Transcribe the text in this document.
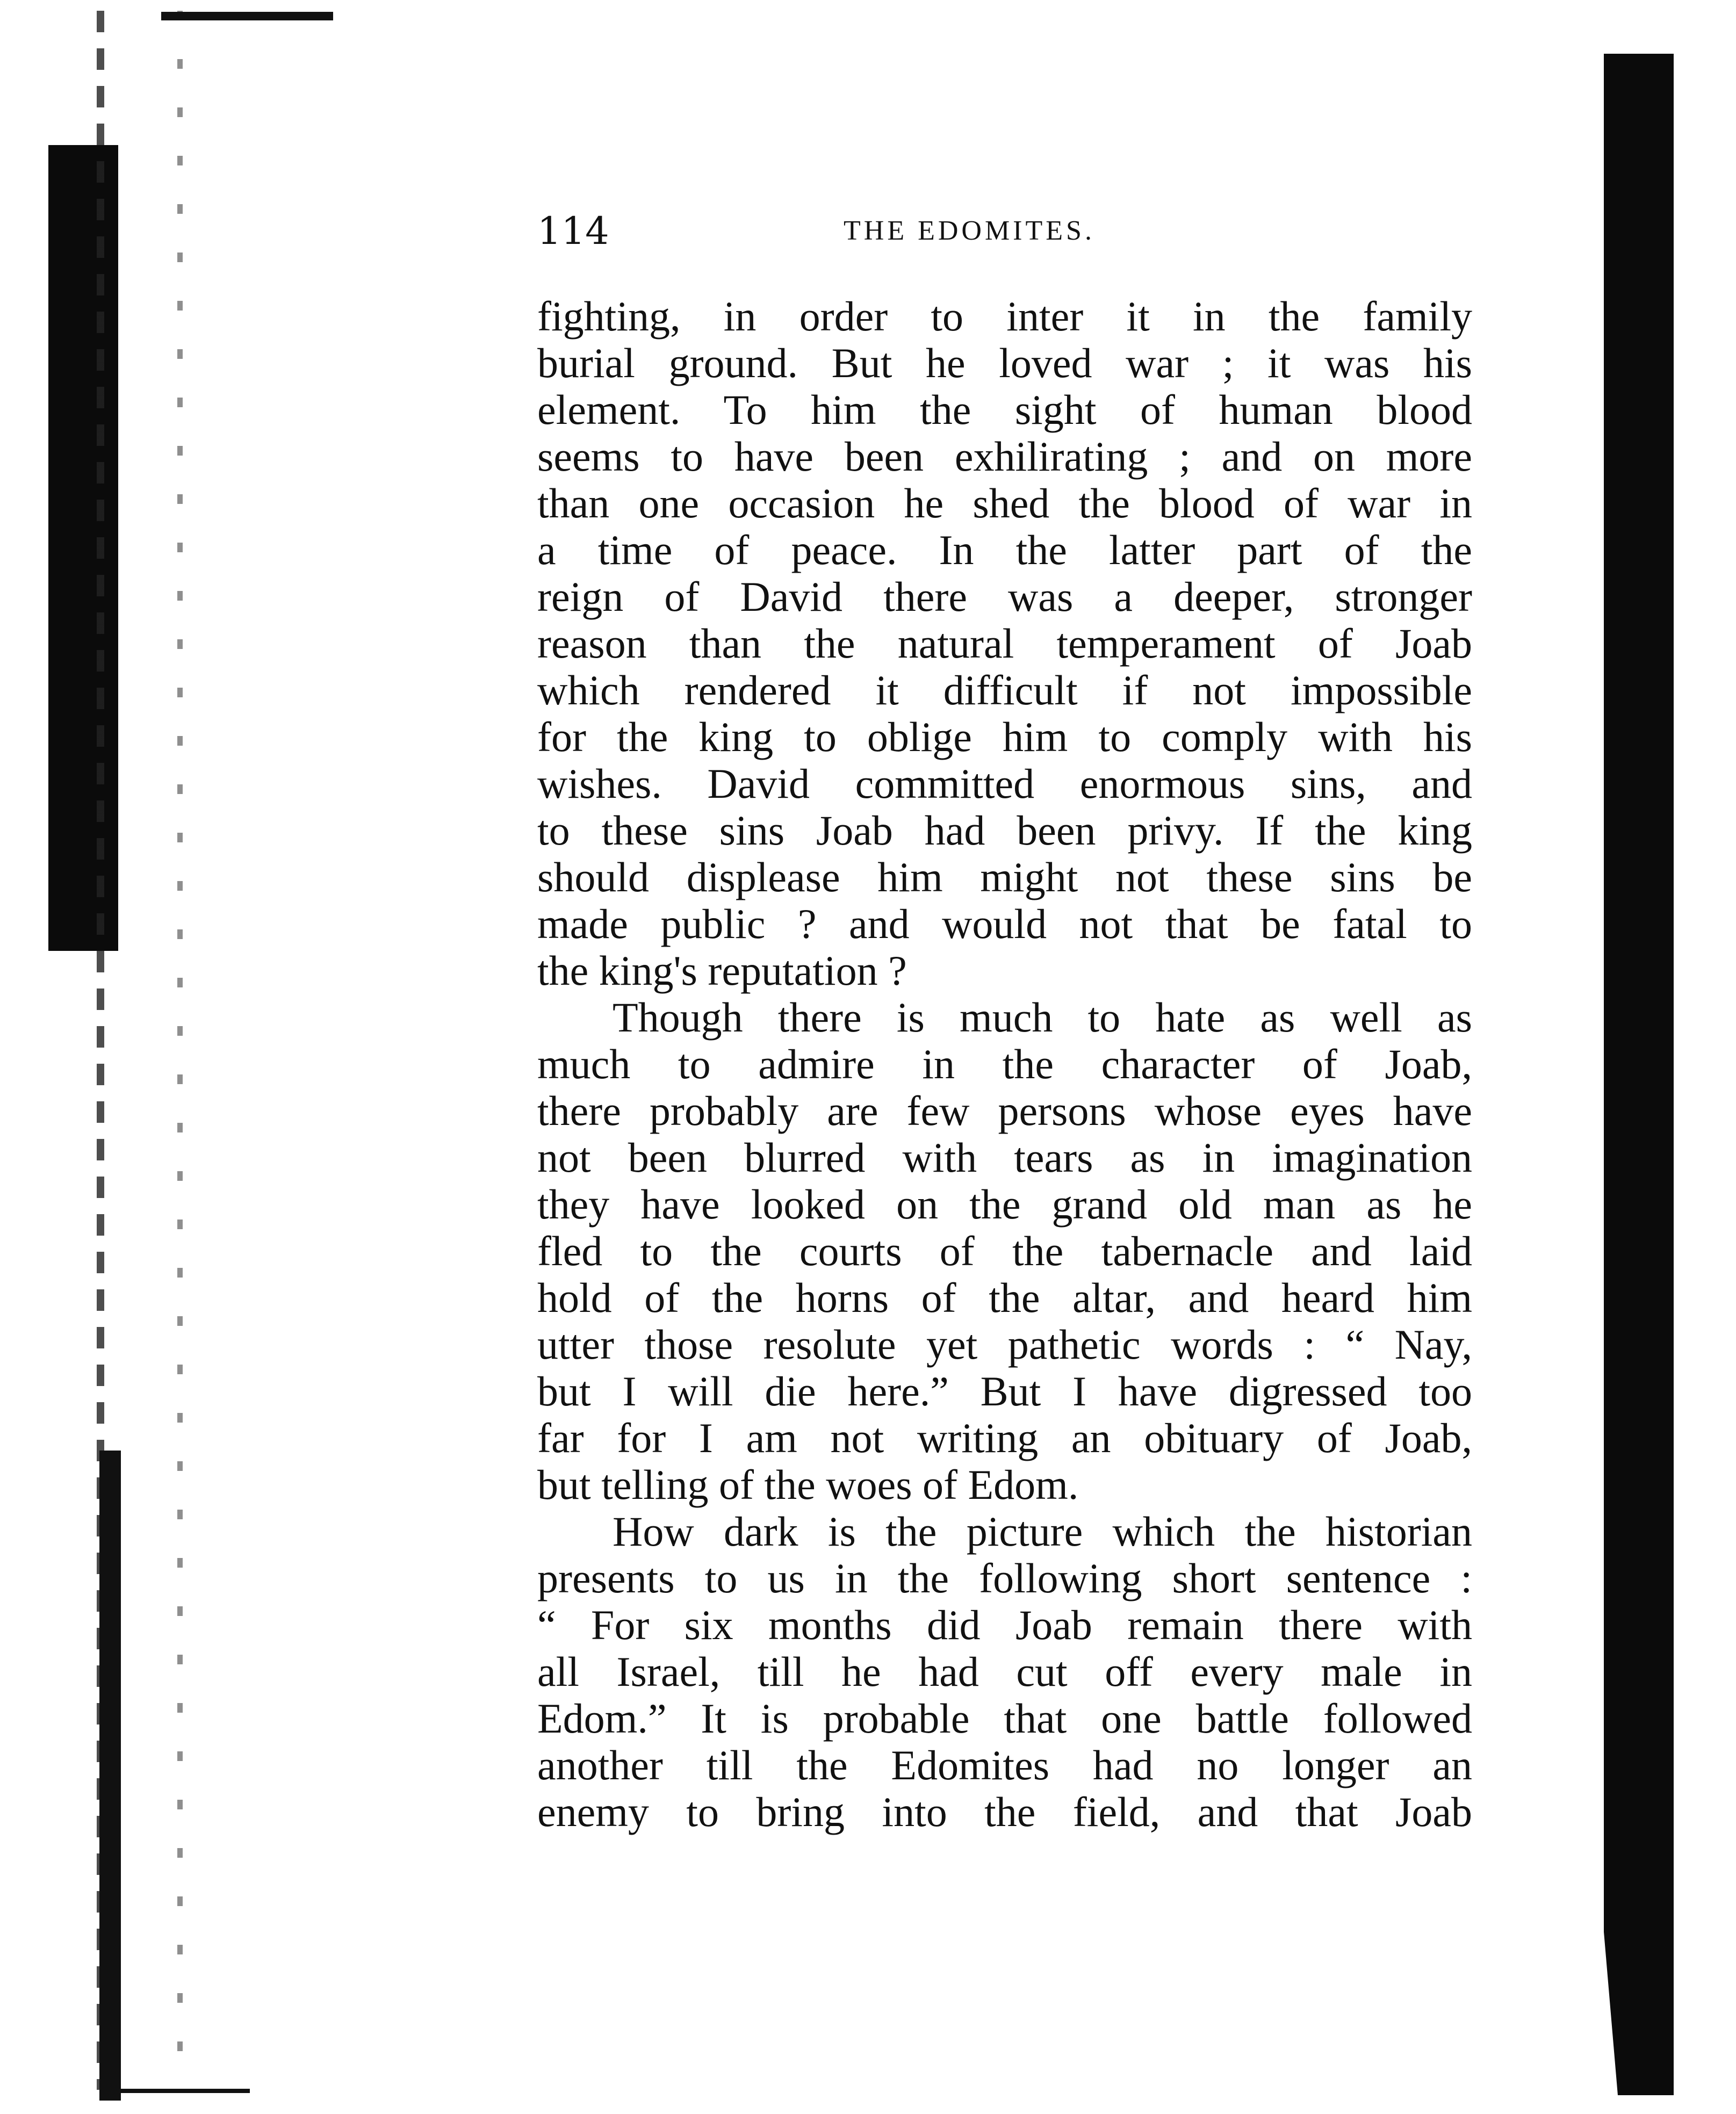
114	THE EDOMITES.
fighting, in order to inter it in the family
burial ground. But he loved war ; it was his
element. To him the sight of human blood
seems to have been exhilirating ; and on more
than one occasion he shed the blood of war in
a time of peace. In the latter part of the
reign of David there was a deeper, stronger
reason than the natural temperament of Joab
which rendered it difficult if not impossible
for the king to oblige him to comply with his
wishes. David committed enormous sins, and
to these sins Joab had been privy. If the king
should displease him might not these sins be
made public ? and would not that be fatal to
the king's reputation ?
Though there is much to hate as well as
much to admire in the character of Joab,
there probably are few persons whose eyes have
not been blurred with tears as in imagination
they have looked on the grand old man as he
fled to the courts of the tabernacle and laid
hold of the horns of the altar, and heard him
utter those resolute yet pathetic words : “ Nay,
but I will die here.” But I have digressed too
far for I am not writing an obituary of Joab,
but telling of the woes of Edom.
How dark is the picture which the historian
presents to us in the following short sentence :
“ For six months did Joab remain there with
all Israel, till he had cut off every male in
Edom.” It is probable that one battle followed
another till the Edomites had no longer an
enemy to bring into the field, and that Joab
